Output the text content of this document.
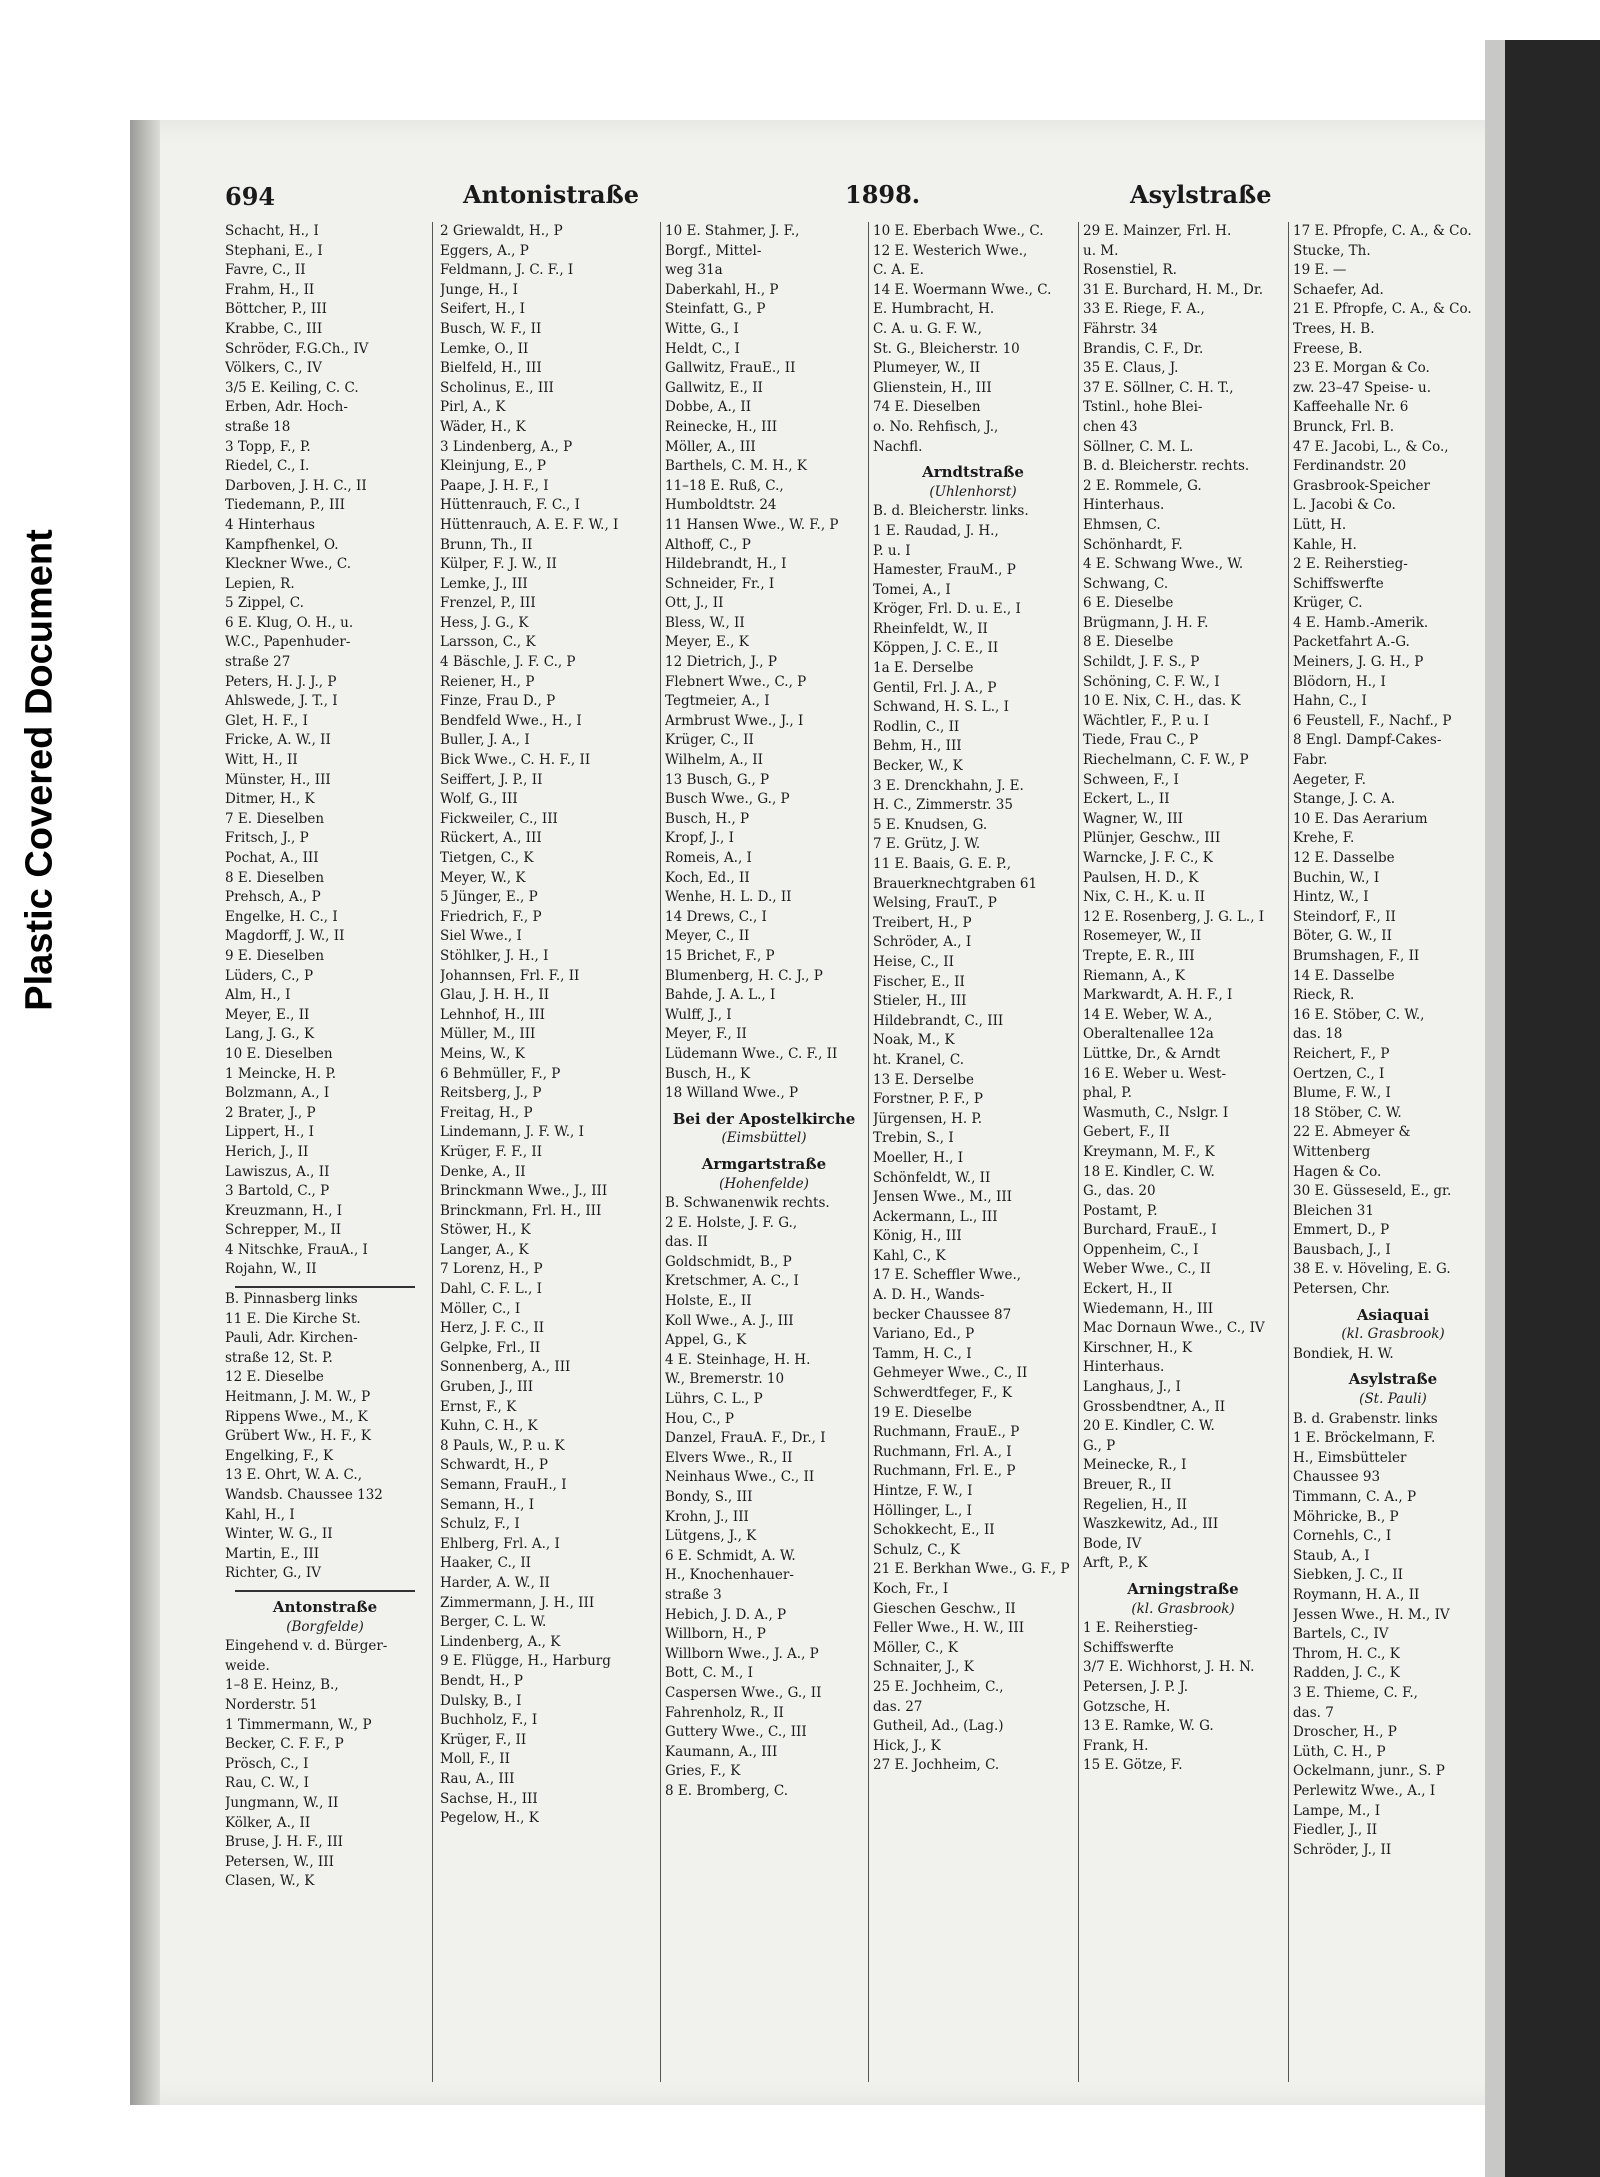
Plastic Covered Document
694	Antonistraße	1898.	Asylstraße
Schacht, H., I
Stephani, E., I
Favre, C., II
Frahm, H., II
Böttcher, P., III
Krabbe, C., III
Schröder, F.G.Ch., IV
Völkers, C., IV
3/5 E. Keiling, C. C.
Erben, Adr. Hoch-
straße 18
3 Topp, F., P.
Riedel, C., I.
Darboven, J. H. C., II
Tiedemann, P., III
4 Hinterhaus
Kampfhenkel, O.
Kleckner Wwe., C.
Lepien, R.
5 Zippel, C.
6 E. Klug, O. H., u.
W.C., Papenhuder-
straße 27
Peters, H. J. J., P
Ahlswede, J. T., I
Glet, H. F., I
Fricke, A. W., II
Witt, H., II
Münster, H., III
Ditmer, H., K
7 E. Dieselben
Fritsch, J., P
Pochat, A., III
8 E. Dieselben
Prehsch, A., P
Engelke, H. C., I
Magdorff, J. W., II
9 E. Dieselben
Lüders, C., P
Alm, H., I
Meyer, E., II
Lang, J. G., K
10 E. Dieselben
1 Meincke, H. P.
Bolzmann, A., I
2 Brater, J., P
Lippert, H., I
Herich, J., II
Lawiszus, A., II
3 Bartold, C., P
Kreuzmann, H., I
Schrepper, M., II
4 Nitschke, FrauA., I
Rojahn, W., II
B. Pinnasberg links
11 E. Die Kirche St.
Pauli, Adr. Kirchen-
straße 12, St. P.
12 E. Dieselbe
Heitmann, J. M. W., P
Rippens Wwe., M., K
Grübert Ww., H. F., K
Engelking, F., K
13 E. Ohrt, W. A. C.,
Wandsb. Chaussee 132
Kahl, H., I
Winter, W. G., II
Martin, E., III
Richter, G., IV
Antonstraße
(Borgfelde)
Eingehend v. d. Bürger-
weide.
1–8 E. Heinz, B.,
Norderstr. 51
1 Timmermann, W., P
Becker, C. F. F., P
Prösch, C., I
Rau, C. W., I
Jungmann, W., II
Kölker, A., II
Bruse, J. H. F., III
Petersen, W., III
Clasen, W., K
2 Griewaldt, H., P
Eggers, A., P
Feldmann, J. C. F., I
Junge, H., I
Seifert, H., I
Busch, W. F., II
Lemke, O., II
Bielfeld, H., III
Scholinus, E., III
Pirl, A., K
Wäder, H., K
3 Lindenberg, A., P
Kleinjung, E., P
Paape, J. H. F., I
Hüttenrauch, F. C., I
Hüttenrauch, A. E. F. W., I
Brunn, Th., II
Külper, F. J. W., II
Lemke, J., III
Frenzel, P., III
Hess, J. G., K
Larsson, C., K
4 Bäschle, J. F. C., P
Reiener, H., P
Finze, Frau D., P
Bendfeld Wwe., H., I
Buller, J. A., I
Bick Wwe., C. H. F., II
Seiffert, J. P., II
Wolf, G., III
Fickweiler, C., III
Rückert, A., III
Tietgen, C., K
Meyer, W., K
5 Jünger, E., P
Friedrich, F., P
Siel Wwe., I
Stöhlker, J. H., I
Johannsen, Frl. F., II
Glau, J. H. H., II
Lehnhof, H., III
Müller, M., III
Meins, W., K
6 Behmüller, F., P
Reitsberg, J., P
Freitag, H., P
Lindemann, J. F. W., I
Krüger, F. F., II
Denke, A., II
Brinckmann Wwe., J., III
Brinckmann, Frl. H., III
Stöwer, H., K
Langer, A., K
7 Lorenz, H., P
Dahl, C. F. L., I
Möller, C., I
Herz, J. F. C., II
Gelpke, Frl., II
Sonnenberg, A., III
Gruben, J., III
Ernst, F., K
Kuhn, C. H., K
8 Pauls, W., P. u. K
Schwardt, H., P
Semann, FrauH., I
Semann, H., I
Schulz, F., I
Ehlberg, Frl. A., I
Haaker, C., II
Harder, A. W., II
Zimmermann, J. H., III
Berger, C. L. W.
Lindenberg, A., K
9 E. Flügge, H., Harburg
Bendt, H., P
Dulsky, B., I
Buchholz, F., I
Krüger, F., II
Moll, F., II
Rau, A., III
Sachse, H., III
Pegelow, H., K
10 E. Stahmer, J. F.,
Borgf., Mittel-
weg 31a
Daberkahl, H., P
Steinfatt, G., P
Witte, G., I
Heldt, C., I
Gallwitz, FrauE., II
Gallwitz, E., II
Dobbe, A., II
Reinecke, H., III
Möller, A., III
Barthels, C. M. H., K
11–18 E. Ruß, C.,
Humboldtstr. 24
11 Hansen Wwe., W. F., P
Althoff, C., P
Hildebrandt, H., I
Schneider, Fr., I
Ott, J., II
Bless, W., II
Meyer, E., K
12 Dietrich, J., P
Flebnert Wwe., C., P
Tegtmeier, A., I
Armbrust Wwe., J., I
Krüger, C., II
Wilhelm, A., II
13 Busch, G., P
Busch Wwe., G., P
Busch, H., P
Kropf, J., I
Romeis, A., I
Koch, Ed., II
Wenhe, H. L. D., II
14 Drews, C., I
Meyer, C., II
15 Brichet, F., P
Blumenberg, H. C. J., P
Bahde, J. A. L., I
Wulff, J., I
Meyer, F., II
Lüdemann Wwe., C. F., II
Busch, H., K
18 Willand Wwe., P
Bei der Apostelkirche
(Eimsbüttel)
Armgartstraße
(Hohenfelde)
B. Schwanenwik rechts.
2 E. Holste, J. F. G.,
das. II
Goldschmidt, B., P
Kretschmer, A. C., I
Holste, E., II
Koll Wwe., A. J., III
Appel, G., K
4 E. Steinhage, H. H.
W., Bremerstr. 10
Lührs, C. L., P
Hou, C., P
Danzel, FrauA. F., Dr., I
Elvers Wwe., R., II
Neinhaus Wwe., C., II
Bondy, S., III
Krohn, J., III
Lütgens, J., K
6 E. Schmidt, A. W.
H., Knochenhauer-
straße 3
Hebich, J. D. A., P
Willborn, H., P
Willborn Wwe., J. A., P
Bott, C. M., I
Caspersen Wwe., G., II
Fahrenholz, R., II
Guttery Wwe., C., III
Kaumann, A., III
Gries, F., K
8 E. Bromberg, C.
10 E. Eberbach Wwe., C.
12 E. Westerich Wwe.,
C. A. E.
14 E. Woermann Wwe., C.
E. Humbracht, H.
C. A. u. G. F. W.,
St. G., Bleicherstr. 10
Plumeyer, W., II
Glienstein, H., III
74 E. Dieselben
o. No. Rehfisch, J.,
Nachfl.
Arndtstraße
(Uhlenhorst)
B. d. Bleicherstr. links.
1 E. Raudad, J. H.,
P. u. I
Hamester, FrauM., P
Tomei, A., I
Kröger, Frl. D. u. E., I
Rheinfeldt, W., II
Köppen, J. C. E., II
1a E. Derselbe
Gentil, Frl. J. A., P
Schwand, H. S. L., I
Rodlin, C., II
Behm, H., III
Becker, W., K
3 E. Drenckhahn, J. E.
H. C., Zimmerstr. 35
5 E. Knudsen, G.
7 E. Grütz, J. W.
11 E. Baais, G. E. P.,
Brauerknechtgraben 61
Welsing, FrauT., P
Treibert, H., P
Schröder, A., I
Heise, C., II
Fischer, E., II
Stieler, H., III
Hildebrandt, C., III
Noak, M., K
ht. Kranel, C.
13 E. Derselbe
Forstner, P. F., P
Jürgensen, H. P.
Trebin, S., I
Moeller, H., I
Schönfeldt, W., II
Jensen Wwe., M., III
Ackermann, L., III
König, H., III
Kahl, C., K
17 E. Scheffler Wwe.,
A. D. H., Wands-
becker Chaussee 87
Variano, Ed., P
Tamm, H. C., I
Gehmeyer Wwe., C., II
Schwerdtfeger, F., K
19 E. Dieselbe
Ruchmann, FrauE., P
Ruchmann, Frl. A., I
Ruchmann, Frl. E., P
Hintze, F. W., I
Höllinger, L., I
Schokkecht, E., II
Schulz, C., K
21 E. Berkhan Wwe., G. F., P
Koch, Fr., I
Gieschen Geschw., II
Feller Wwe., H. W., III
Möller, C., K
Schnaiter, J., K
25 E. Jochheim, C.,
das. 27
Gutheil, Ad., (Lag.)
Hick, J., K
27 E. Jochheim, C.
29 E. Mainzer, Frl. H.
u. M.
Rosenstiel, R.
31 E. Burchard, H. M., Dr.
33 E. Riege, F. A.,
Fährstr. 34
Brandis, C. F., Dr.
35 E. Claus, J.
37 E. Söllner, C. H. T.,
Tstinl., hohe Blei-
chen 43
Söllner, C. M. L.
B. d. Bleicherstr. rechts.
2 E. Rommele, G.
Hinterhaus.
Ehmsen, C.
Schönhardt, F.
4 E. Schwang Wwe., W.
Schwang, C.
6 E. Dieselbe
Brügmann, J. H. F.
8 E. Dieselbe
Schildt, J. F. S., P
Schöning, C. F. W., I
10 E. Nix, C. H., das. K
Wächtler, F., P. u. I
Tiede, Frau C., P
Riechelmann, C. F. W., P
Schween, F., I
Eckert, L., II
Wagner, W., III
Plünjer, Geschw., III
Warncke, J. F. C., K
Paulsen, H. D., K
Nix, C. H., K. u. II
12 E. Rosenberg, J. G. L., I
Rosemeyer, W., II
Trepte, E. R., III
Riemann, A., K
Markwardt, A. H. F., I
14 E. Weber, W. A.,
Oberaltenallee 12a
Lüttke, Dr., & Arndt
16 E. Weber u. West-
phal, P.
Wasmuth, C., Nslgr. I
Gebert, F., II
Kreymann, M. F., K
18 E. Kindler, C. W.
G., das. 20
Postamt, P.
Burchard, FrauE., I
Oppenheim, C., I
Weber Wwe., C., II
Eckert, H., II
Wiedemann, H., III
Mac Dornaun Wwe., C., IV
Kirschner, H., K
Hinterhaus.
Langhaus, J., I
Grossbendtner, A., II
20 E. Kindler, C. W.
G., P
Meinecke, R., I
Breuer, R., II
Regelien, H., II
Waszkewitz, Ad., III
Bode, IV
Arft, P., K
Arningstraße
(kl. Grasbrook)
1 E. Reiherstieg-
Schiffswerfte
3/7 E. Wichhorst, J. H. N.
Petersen, J. P. J.
Gotzsche, H.
13 E. Ramke, W. G.
Frank, H.
15 E. Götze, F.
17 E. Pfropfe, C. A., & Co.
Stucke, Th.
19 E. —
Schaefer, Ad.
21 E. Pfropfe, C. A., & Co.
Trees, H. B.
Freese, B.
23 E. Morgan & Co.
zw. 23–47 Speise- u.
Kaffeehalle Nr. 6
Brunck, Frl. B.
47 E. Jacobi, L., & Co.,
Ferdinandstr. 20
Grasbrook-Speicher
L. Jacobi & Co.
Lütt, H.
Kahle, H.
2 E. Reiherstieg-
Schiffswerfte
Krüger, C.
4 E. Hamb.-Amerik.
Packetfahrt A.-G.
Meiners, J. G. H., P
Blödorn, H., I
Hahn, C., I
6 Feustell, F., Nachf., P
8 Engl. Dampf-Cakes-
Fabr.
Aegeter, F.
Stange, J. C. A.
10 E. Das Aerarium
Krehe, F.
12 E. Dasselbe
Buchin, W., I
Hintz, W., I
Steindorf, F., II
Böter, G. W., II
Brumshagen, F., II
14 E. Dasselbe
Rieck, R.
16 E. Stöber, C. W.,
das. 18
Reichert, F., P
Oertzen, C., I
Blume, F. W., I
18 Stöber, C. W.
22 E. Abmeyer &
Wittenberg
Hagen & Co.
30 E. Güsseseld, E., gr.
Bleichen 31
Emmert, D., P
Bausbach, J., I
38 E. v. Höveling, E. G.
Petersen, Chr.
Asiaquai
(kl. Grasbrook)
Bondiek, H. W.
Asylstraße
(St. Pauli)
B. d. Grabenstr. links
1 E. Bröckelmann, F.
H., Eimsbütteler
Chaussee 93
Timmann, C. A., P
Möhricke, B., P
Cornehls, C., I
Staub, A., I
Siebken, J. C., II
Roymann, H. A., II
Jessen Wwe., H. M., IV
Bartels, C., IV
Throm, H. C., K
Radden, J. C., K
3 E. Thieme, C. F.,
das. 7
Droscher, H., P
Lüth, C. H., P
Ockelmann, junr., S. P
Perlewitz Wwe., A., I
Lampe, M., I
Fiedler, J., II
Schröder, J., II
